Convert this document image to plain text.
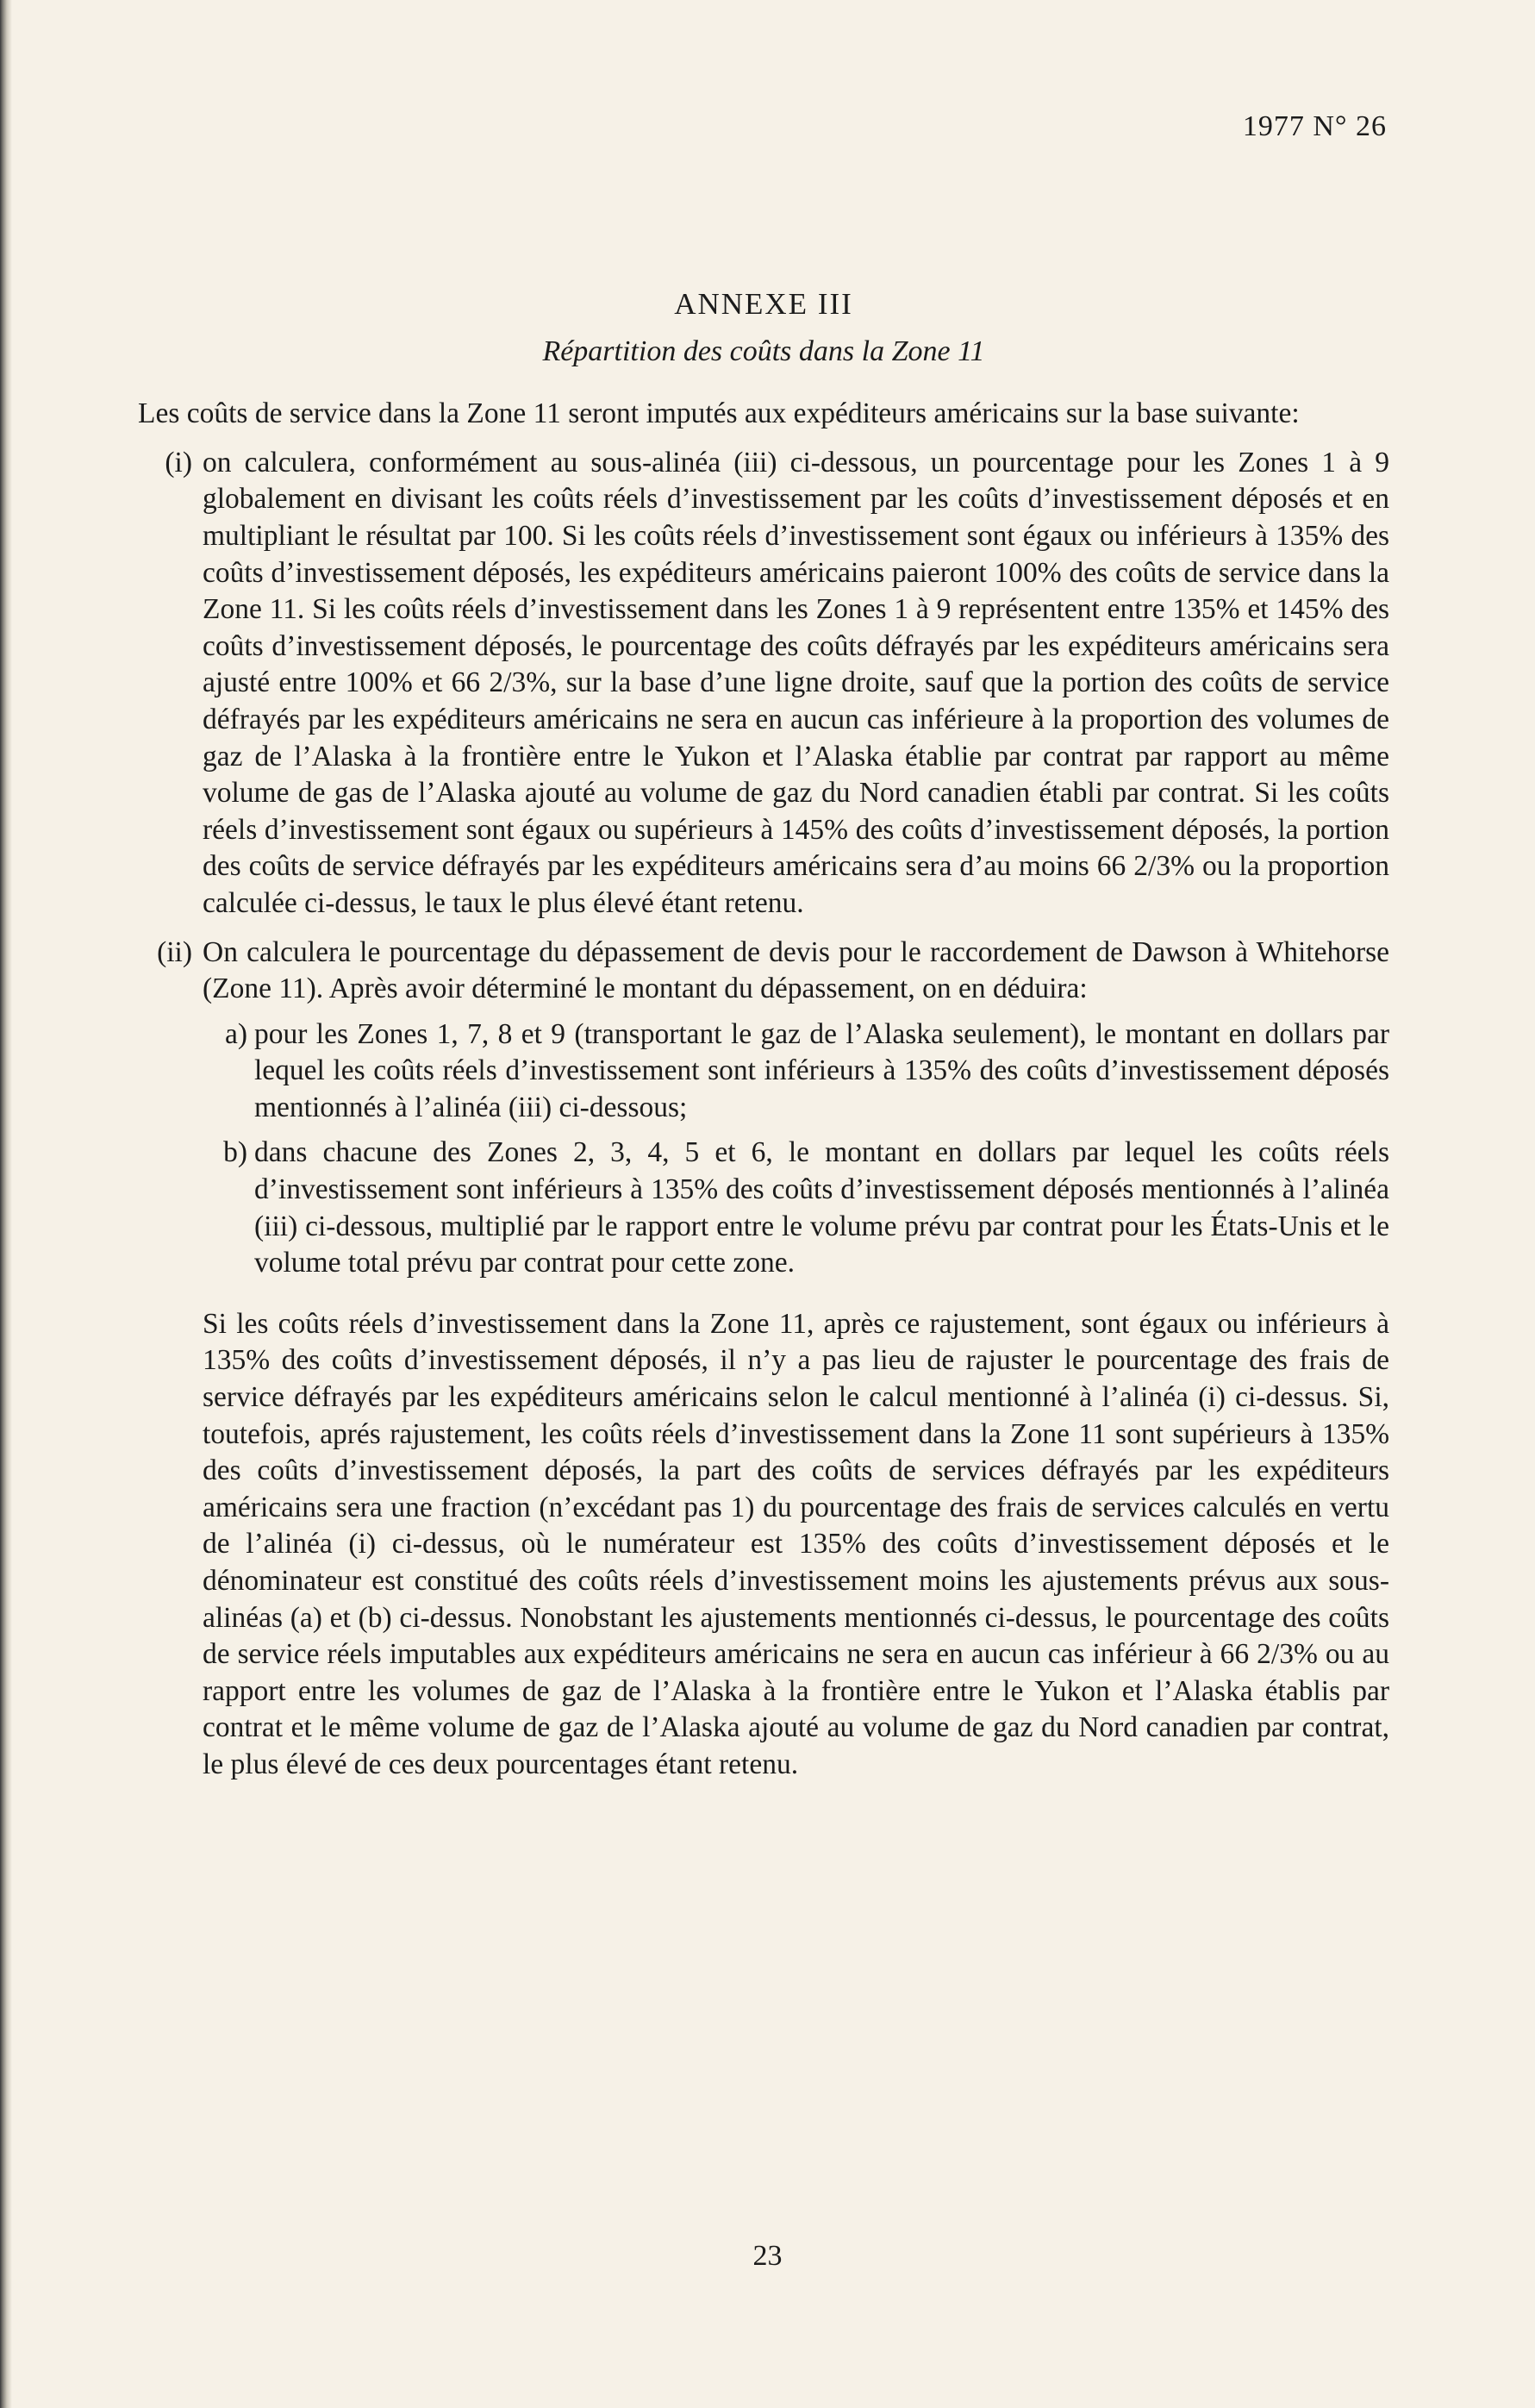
1977 N° 26
ANNEXE III
Répartition des coûts dans la Zone 11

Les coûts de service dans la Zone 11 seront imputés aux expéditeurs américains sur la base suivante:

(i) on calculera, conformément au sous-alinéa (iii) ci-dessous, un pourcentage pour les Zones 1 à 9 globalement en divisant les coûts réels d’investissement par les coûts d’investissement déposés et en multipliant le résultat par 100. Si les coûts réels d’investissement sont égaux ou inférieurs à 135% des coûts d’investissement déposés, les expéditeurs américains paieront 100% des coûts de service dans la Zone 11. Si les coûts réels d’investissement dans les Zones 1 à 9 représentent entre 135% et 145% des coûts d’investissement déposés, le pourcentage des coûts défrayés par les expéditeurs américains sera ajusté entre 100% et 66 2/3%, sur la base d’une ligne droite, sauf que la portion des coûts de service défrayés par les expéditeurs américains ne sera en aucun cas inférieure à la proportion des volumes de gaz de l’Alaska à la frontière entre le Yukon et l’Alaska établie par contrat par rapport au même volume de gas de l’Alaska ajouté au volume de gaz du Nord canadien établi par contrat. Si les coûts réels d’investissement sont égaux ou supérieurs à 145% des coûts d’investissement déposés, la portion des coûts de service défrayés par les expéditeurs américains sera d’au moins 66 2/3% ou la proportion calculée ci-dessus, le taux le plus élevé étant retenu.
(ii) On calculera le pourcentage du dépassement de devis pour le raccordement de Dawson à Whitehorse (Zone 11). Après avoir déterminé le montant du dépassement, on en déduira:
a) pour les Zones 1, 7, 8 et 9 (transportant le gaz de l’Alaska seulement), le montant en dollars par lequel les coûts réels d’investissement sont inférieurs à 135% des coûts d’investissement déposés mentionnés à l’alinéa (iii) ci-dessous;
b) dans chacune des Zones 2, 3, 4, 5 et 6, le montant en dollars par lequel les coûts réels d’investissement sont inférieurs à 135% des coûts d’investissement déposés mentionnés à l’alinéa (iii) ci-dessous, multiplié par le rapport entre le volume prévu par contrat pour les États-Unis et le volume total prévu par contrat pour cette zone.

Si les coûts réels d’investissement dans la Zone 11, après ce rajustement, sont égaux ou inférieurs à 135% des coûts d’investissement déposés, il n’y a pas lieu de rajuster le pourcentage des frais de service défrayés par les expéditeurs américains selon le calcul mentionné à l’alinéa (i) ci-dessus. Si, toutefois, aprés rajustement, les coûts réels d’investissement dans la Zone 11 sont supérieurs à 135% des coûts d’investissement déposés, la part des coûts de services défrayés par les expéditeurs américains sera une fraction (n’excédant pas 1) du pourcentage des frais de services calculés en vertu de l’alinéa (i) ci-dessus, où le numérateur est 135% des coûts d’investissement déposés et le dénominateur est constitué des coûts réels d’investissement moins les ajustements prévus aux sous-alinéas (a) et (b) ci-dessus. Nonobstant les ajustements mentionnés ci-dessus, le pourcentage des coûts de service réels imputables aux expéditeurs américains ne sera en aucun cas inférieur à 66 2/3% ou au rapport entre les volumes de gaz de l’Alaska à la frontière entre le Yukon et l’Alaska établis par contrat et le même volume de gaz de l’Alaska ajouté au volume de gaz du Nord canadien par contrat, le plus élevé de ces deux pourcentages étant retenu.

23
